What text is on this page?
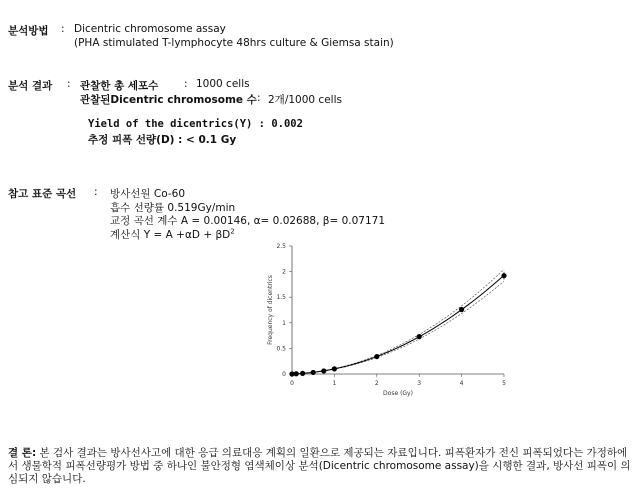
분석방법 : Dicentric chromosome assay
(PHA stimulated T-lymphocyte 48hrs culture & Giemsa stain)
분석 결과 : 관찰한 총 세포수 : 1000 cells
관찰된Dicentric chromosome 수 : 2개/1000 cells
Yield of the dicentrics(Y) : 0.002
추정 피폭 선량(D) : < 0.1 Gy
참고 표준 곡선 : 방사선원 Co-60
흡수 선량률 0.519Gy/min
교정 곡선 계수 A = 0.00146, α= 0.02688, β= 0.07171
계산식 $Y = A +\alpha D + \beta D^2$
0	1	2	3	4	5
0
0.5
1
1.5
2
2.5
Dose (Gy)
Frequency of dicentrics
결 론: 본 검사 결과는 방사선사고에 대한 응급 의료대응 계획의 일환으로 제공되는 자료입니다. 피폭환자가 전신 피폭되었다는 가정하에서 생물학적 피폭선량평가 방법 중 하나인 불안정형 염색체이상 분석(Dicentric chromosome assay)을 시행한 결과, 방사선 피폭이 의심되지 않습니다.
